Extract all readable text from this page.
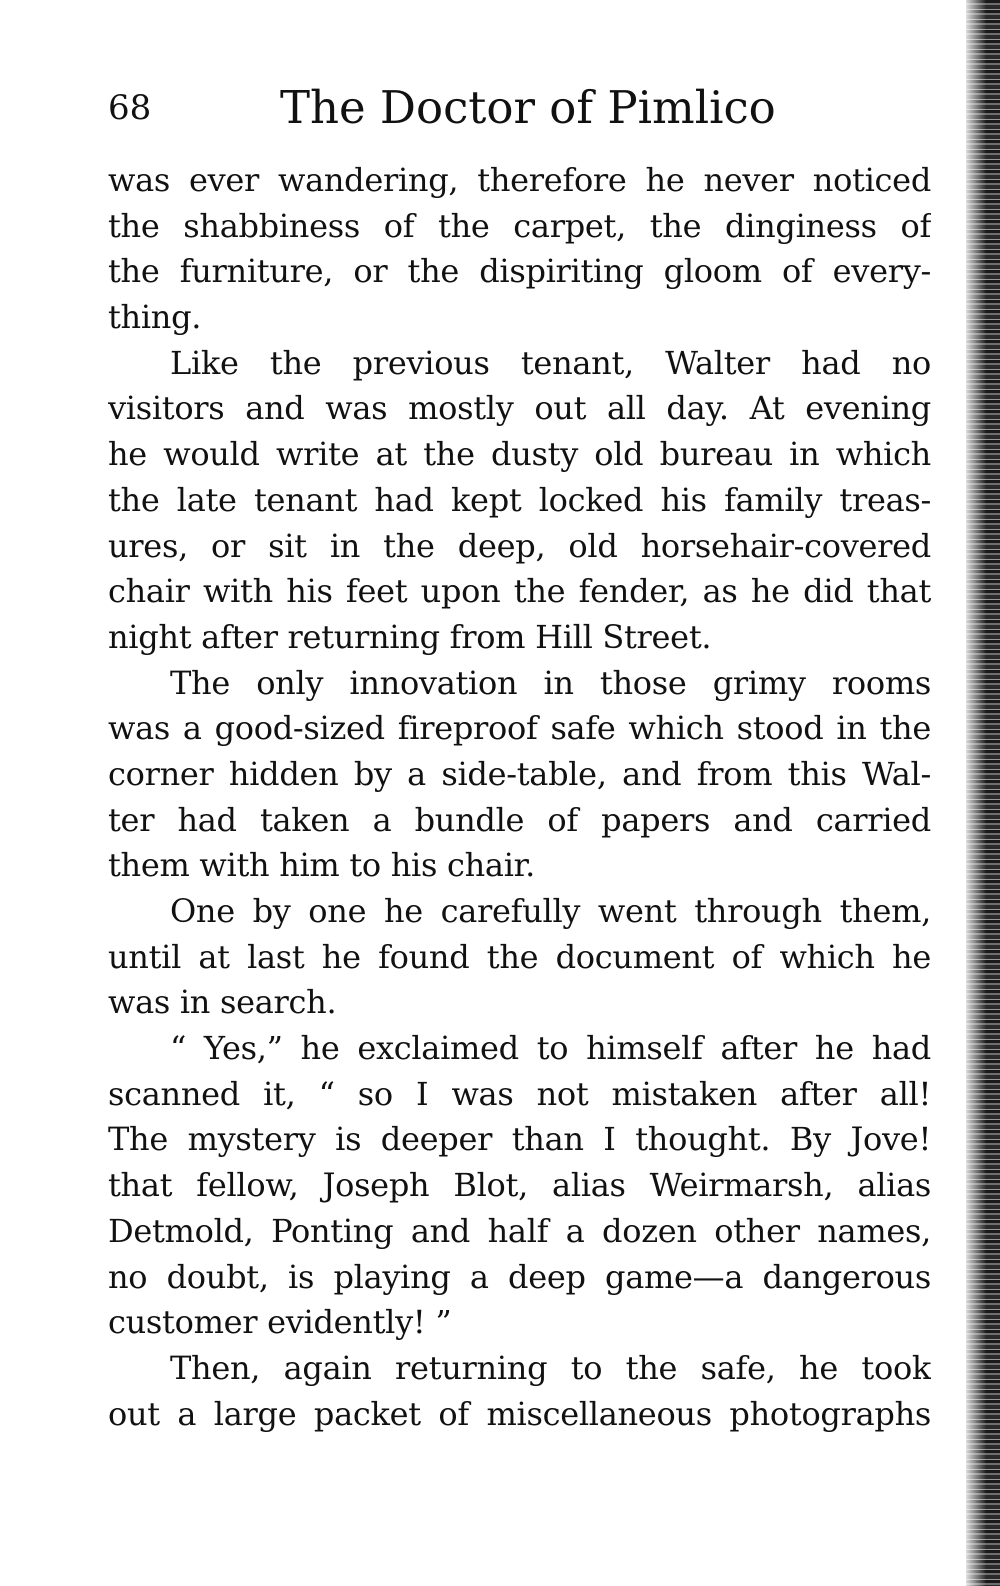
68	The Doctor of Pimlico
was ever wandering, therefore he never noticed
the shabbiness of the carpet, the dinginess of
the furniture, or the dispiriting gloom of every-
thing.
Like the previous tenant, Walter had no
visitors and was mostly out all day. At evening
he would write at the dusty old bureau in which
the late tenant had kept locked his family treas-
ures, or sit in the deep, old horsehair-covered
chair with his feet upon the fender, as he did that
night after returning from Hill Street.
The only innovation in those grimy rooms
was a good-sized fireproof safe which stood in the
corner hidden by a side-table, and from this Wal-
ter had taken a bundle of papers and carried
them with him to his chair.
One by one he carefully went through them,
until at last he found the document of which he
was in search.
“ Yes,” he exclaimed to himself after he had
scanned it, “ so I was not mistaken after all!
The mystery is deeper than I thought. By Jove!
that fellow, Joseph Blot, alias Weirmarsh, alias
Detmold, Ponting and half a dozen other names,
no doubt, is playing a deep game—a dangerous
customer evidently! ”
Then, again returning to the safe, he took
out a large packet of miscellaneous photographs
